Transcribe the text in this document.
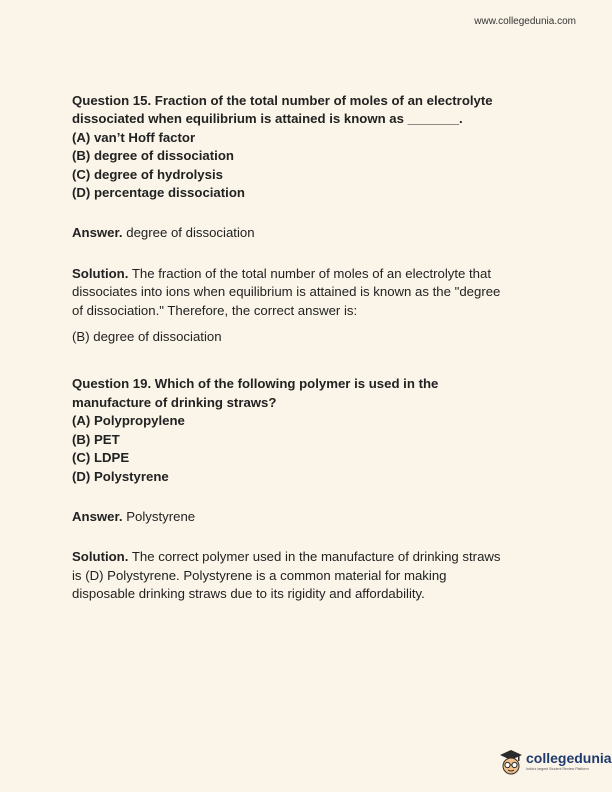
www.collegedunia.com

Question 15. Fraction of the total number of moles of an electrolyte

dissociated when equilibrium is attained is known as _______.

(A) van’t Hoff factor

(B) degree of dissociation

(C) degree of hydrolysis

(D) percentage dissociation

Answer. degree of dissociation

Solution. The fraction of the total number of moles of an electrolyte that
dissociates into ions when equilibrium is attained is known as the "degree
of dissociation." Therefore, the correct answer is:

(B) degree of dissociation

Question 19. Which of the following polymer is used in the

manufacture of drinking straws?

(A) Polypropylene

(B) PET

(C) LDPE

(D) Polystyrene

Answer. Polystyrene

Solution. The correct polymer used in the manufacture of drinking straws
is (D) Polystyrene. Polystyrene is a common material for making
disposable drinking straws due to its rigidity and affordability.
collegedunia
India's largest Student Review Platform
